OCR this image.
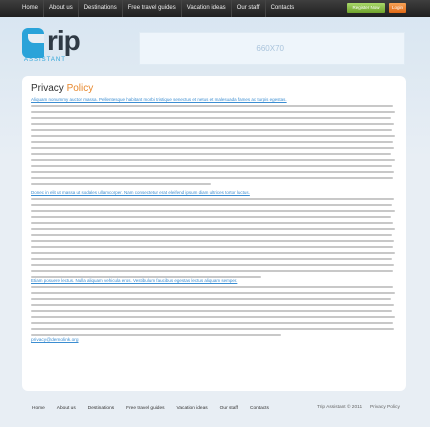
Home	About us	Destinations	Free travel guides	Vacation ideas	Our staff	Contacts	Register Now	Login
rip
ASSISTANT
660X70
Privacy Policy
Aliquam nonummy auctor massa. Pellentesque habitant morbi tristique senectus et netus et malesuada fames ac turpis egestas.
Donec in elit ut massa ut sodales ullamcorper. Nam consectetur erat eleifend ipsum diam ultrices tortor luctus.
Etiam posuere lectus. Nulla aliquam vehicula eros. Vestibulum faucibus egestas lectus aliquam semper.
privacy@demolink.org
Home	About us	Destinations	Free travel guides	Vacation ideas	Our staff	Contacts	Trip Assistant © 2011 Privacy Policy
